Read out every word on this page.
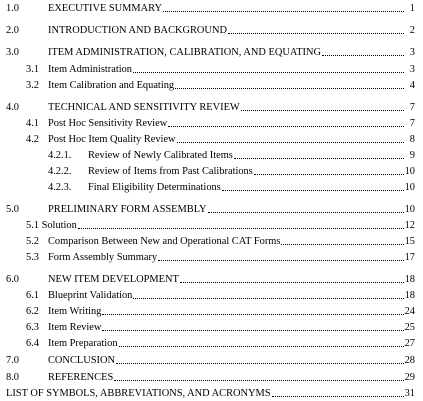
1.0	EXECUTIVE SUMMARY	1
2.0	INTRODUCTION AND BACKGROUND	2
3.0	ITEM ADMINISTRATION, CALIBRATION, AND EQUATING	3
3.1 Item Administration	3
3.2 Item Calibration and Equating	4
4.0	TECHNICAL AND SENSITIVITY REVIEW	7
4.1 Post Hoc Sensitivity Review	7
4.2 Post Hoc Item Quality Review	8
4.2.1.	Review of Newly Calibrated Items	9
4.2.2.	Review of Items from Past Calibrations	10
4.2.3.	Final Eligibility Determinations	10
5.0	PRELIMINARY FORM ASSEMBLY	10
5.1 Solution	12
5.2 Comparison Between New and Operational CAT Forms	15
5.3 Form Assembly Summary	17
6.0	NEW ITEM DEVELOPMENT	18
6.1 Blueprint Validation	18
6.2 Item Writing	24
6.3 Item Review	25
6.4 Item Preparation	27
7.0	CONCLUSION	28
8.0	REFERENCES	29
LIST OF SYMBOLS, ABBREVIATIONS, AND ACRONYMS	31
